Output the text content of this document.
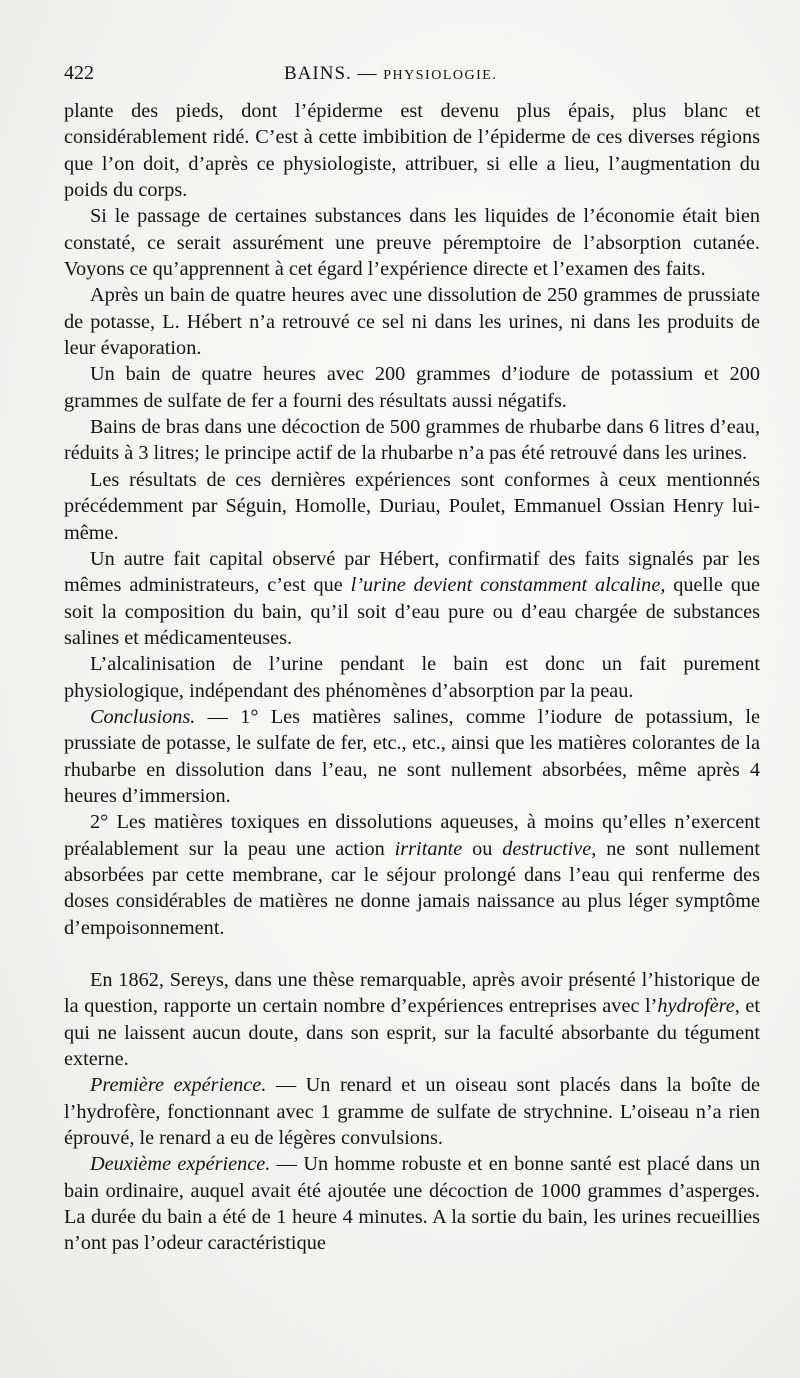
422	BAINS. — PHYSIOLOGIE.

plante des pieds, dont l’épiderme est devenu plus épais, plus blanc et considérablement ridé. C’est à cette imbibition de l’épiderme de ces diverses régions que l’on doit, d’après ce physiologiste, attribuer, si elle a lieu, l’augmentation du poids du corps.

Si le passage de certaines substances dans les liquides de l’économie était bien constaté, ce serait assurément une preuve péremptoire de l’absorption cutanée. Voyons ce qu’apprennent à cet égard l’expérience directe et l’examen des faits.

Après un bain de quatre heures avec une dissolution de 250 grammes de prussiate de potasse, L. Hébert n’a retrouvé ce sel ni dans les urines, ni dans les produits de leur évaporation.

Un bain de quatre heures avec 200 grammes d’iodure de potassium et 200 grammes de sulfate de fer a fourni des résultats aussi négatifs.

Bains de bras dans une décoction de 500 grammes de rhubarbe dans 6 litres d’eau, réduits à 3 litres; le principe actif de la rhubarbe n’a pas été retrouvé dans les urines.

Les résultats de ces dernières expériences sont conformes à ceux mentionnés précédemment par Séguin, Homolle, Duriau, Poulet, Emmanuel Ossian Henry lui-même.

Un autre fait capital observé par Hébert, confirmatif des faits signalés par les mêmes administrateurs, c’est que l’urine devient constamment alcaline, quelle que soit la composition du bain, qu’il soit d’eau pure ou d’eau chargée de substances salines et médicamenteuses.

L’alcalinisation de l’urine pendant le bain est donc un fait purement physiologique, indépendant des phénomènes d’absorption par la peau.

Conclusions. — 1° Les matières salines, comme l’iodure de potassium, le prussiate de potasse, le sulfate de fer, etc., etc., ainsi que les matières colorantes de la rhubarbe en dissolution dans l’eau, ne sont nullement absorbées, même après 4 heures d’immersion.

2° Les matières toxiques en dissolutions aqueuses, à moins qu’elles n’exercent préalablement sur la peau une action irritante ou destructive, ne sont nullement absorbées par cette membrane, car le séjour prolongé dans l’eau qui renferme des doses considérables de matières ne donne jamais naissance au plus léger symptôme d’empoisonnement.

En 1862, Sereys, dans une thèse remarquable, après avoir présenté l’historique de la question, rapporte un certain nombre d’expériences entreprises avec l’hydrofère, et qui ne laissent aucun doute, dans son esprit, sur la faculté absorbante du tégument externe.

Première expérience. — Un renard et un oiseau sont placés dans la boîte de l’hydrofère, fonctionnant avec 1 gramme de sulfate de strychnine. L’oiseau n’a rien éprouvé, le renard a eu de légères convulsions.

Deuxième expérience. — Un homme robuste et en bonne santé est placé dans un bain ordinaire, auquel avait été ajoutée une décoction de 1000 grammes d’asperges. La durée du bain a été de 1 heure 4 minutes. A la sortie du bain, les urines recueillies n’ont pas l’odeur caractéristique
